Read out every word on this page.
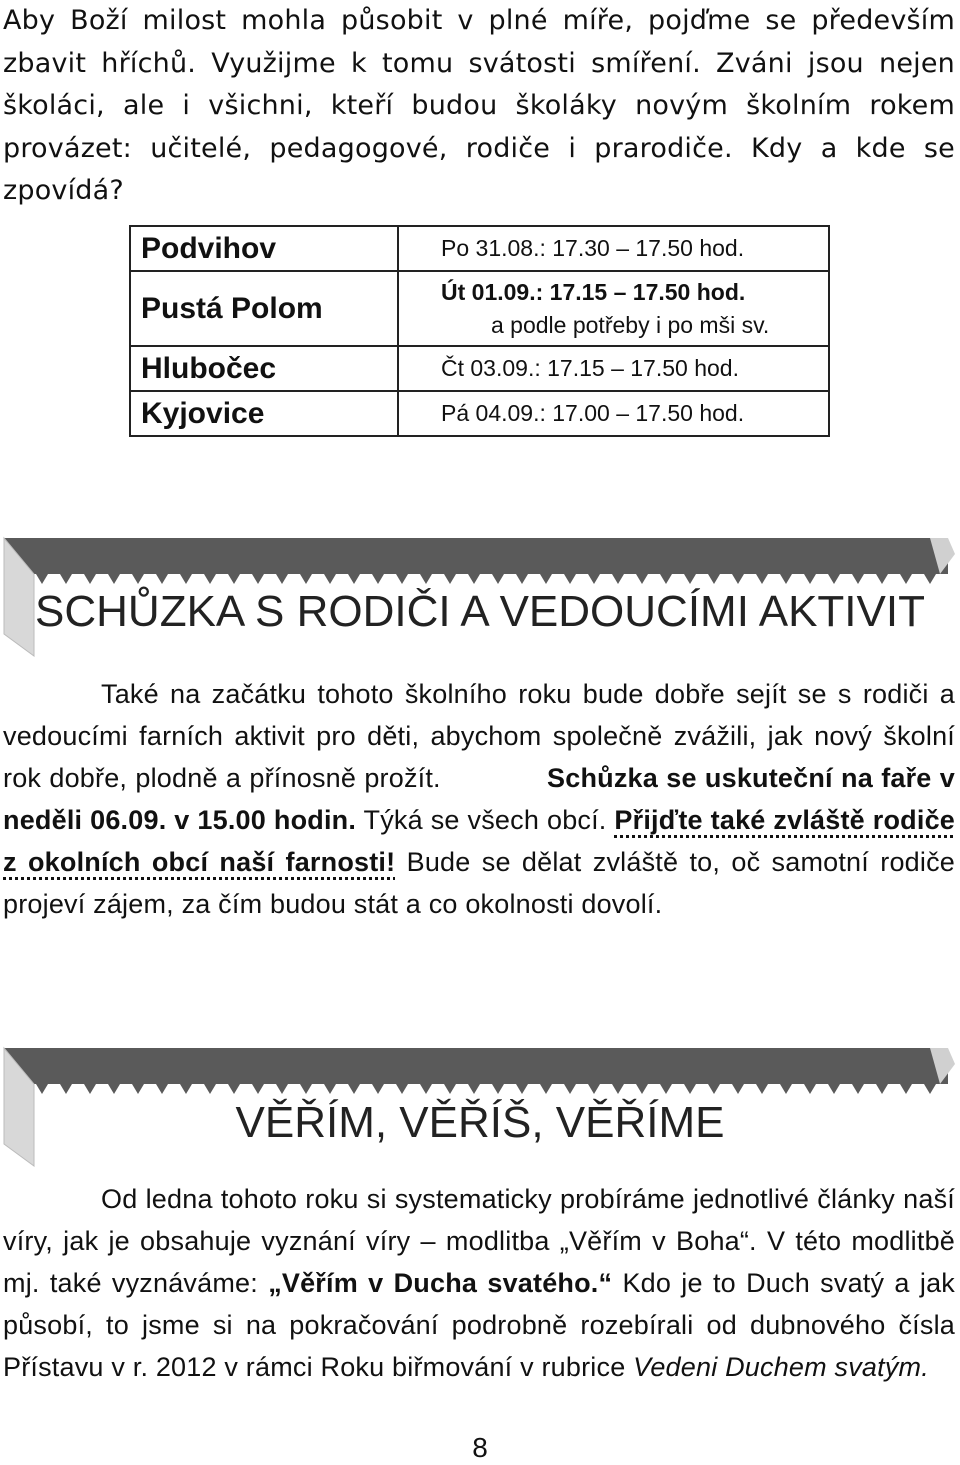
Aby Boží milost mohla působit v plné míře, pojďme se především zbavit hříchů. Využijme k tomu svátosti smíření. Zváni jsou nejen školáci, ale i všichni, kteří budou školáky novým školním rokem provázet: učitelé, pedagogové, rodiče i prarodiče. Kdy a kde se zpovídá?
Podvihov	Po 31.08.: 17.30 – 17.50 hod.
Pustá Polom	Út 01.09.: 17.15 – 17.50 hod.
a podle potřeby i po mši sv.

Hlubočec	Čt 03.09.: 17.15 – 17.50 hod.
Kyjovice	Pá 04.09.: 17.00 – 17.50 hod.
SCHŮZKA S RODIČI A VEDOUCÍMI AKTIVIT
Také na začátku tohoto školního roku bude dobře sejít se s rodiči a vedoucími farních aktivit pro děti, abychom společně zvážili, jak nový školní rok dobře, plodně a přínosně prožít.	Schůzka se uskuteční na faře v neděli 06.09. v 15.00 hodin. Týká se všech obcí. Přijďte také zvláště rodiče z okolních obcí naší farnosti! Bude se dělat zvláště to, oč samotní rodiče projeví zájem, za čím budou stát a co okolnosti dovolí.
VĚŘÍM, VĚŘÍŠ, VĚŘÍME
Od ledna tohoto roku si systematicky probíráme jednotlivé články naší víry, jak je obsahuje vyznání víry – modlitba „Věřím v Boha“. V této modlitbě mj. také vyznáváme: „Věřím v Ducha svatého.“ Kdo je to Duch svatý a jak působí, to jsme si na pokračování podrobně rozebírali od dubnového čísla Přístavu v r. 2012 v rámci Roku biřmování v rubrice Vedeni Duchem svatým.
8
